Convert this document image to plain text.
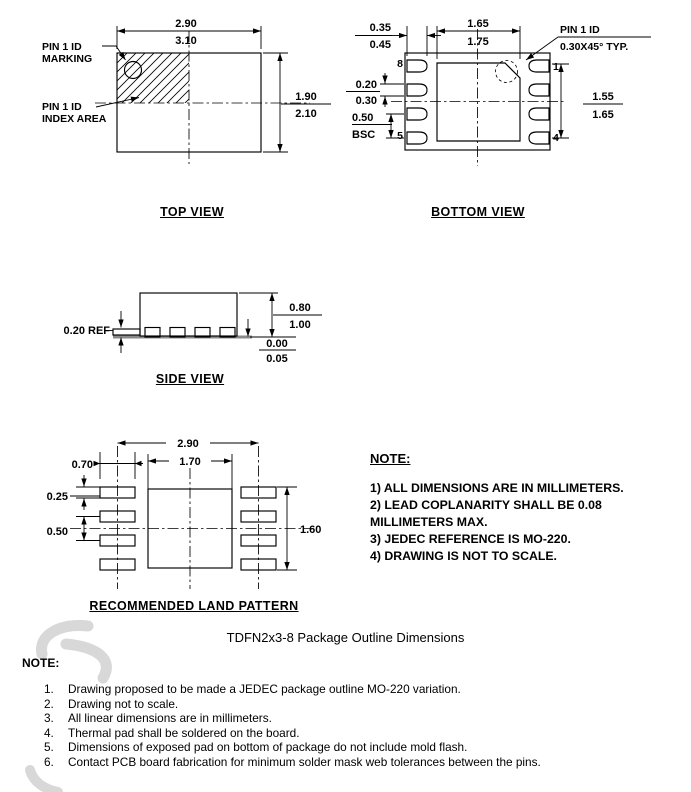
2.90
3.10
1.90
2.10
PIN 1 ID
MARKING
PIN 1 ID
INDEX AREA
1.65
1.75
0.35
0.45
0.20
0.30
0.50
BSC
1.55
1.65
PIN 1 ID
0.30X45° TYP.
8
5
1
4
0.20 REF
0.80
1.00
0.00
0.05
2.90
1.70
0.70
0.25
0.50	1.60
TOP VIEW	BOTTOM VIEW
SIDE VIEW
RECOMMENDED LAND PATTERN
NOTE:
1) ALL DIMENSIONS ARE IN MILLIMETERS.
2) LEAD COPLANARITY SHALL BE 0.08
MILLIMETERS MAX.
3) JEDEC REFERENCE IS MO-220.
4) DRAWING IS NOT TO SCALE.
TDFN2x3-8 Package Outline Dimensions
NOTE:
1.	Drawing proposed to be made a JEDEC package outline MO-220 variation.
2.	Drawing not to scale.
3.	All linear dimensions are in millimeters.
4.	Thermal pad shall be soldered on the board.
5.	Dimensions of exposed pad on bottom of package do not include mold flash.
6.	Contact PCB board fabrication for minimum solder mask web tolerances between the pins.
